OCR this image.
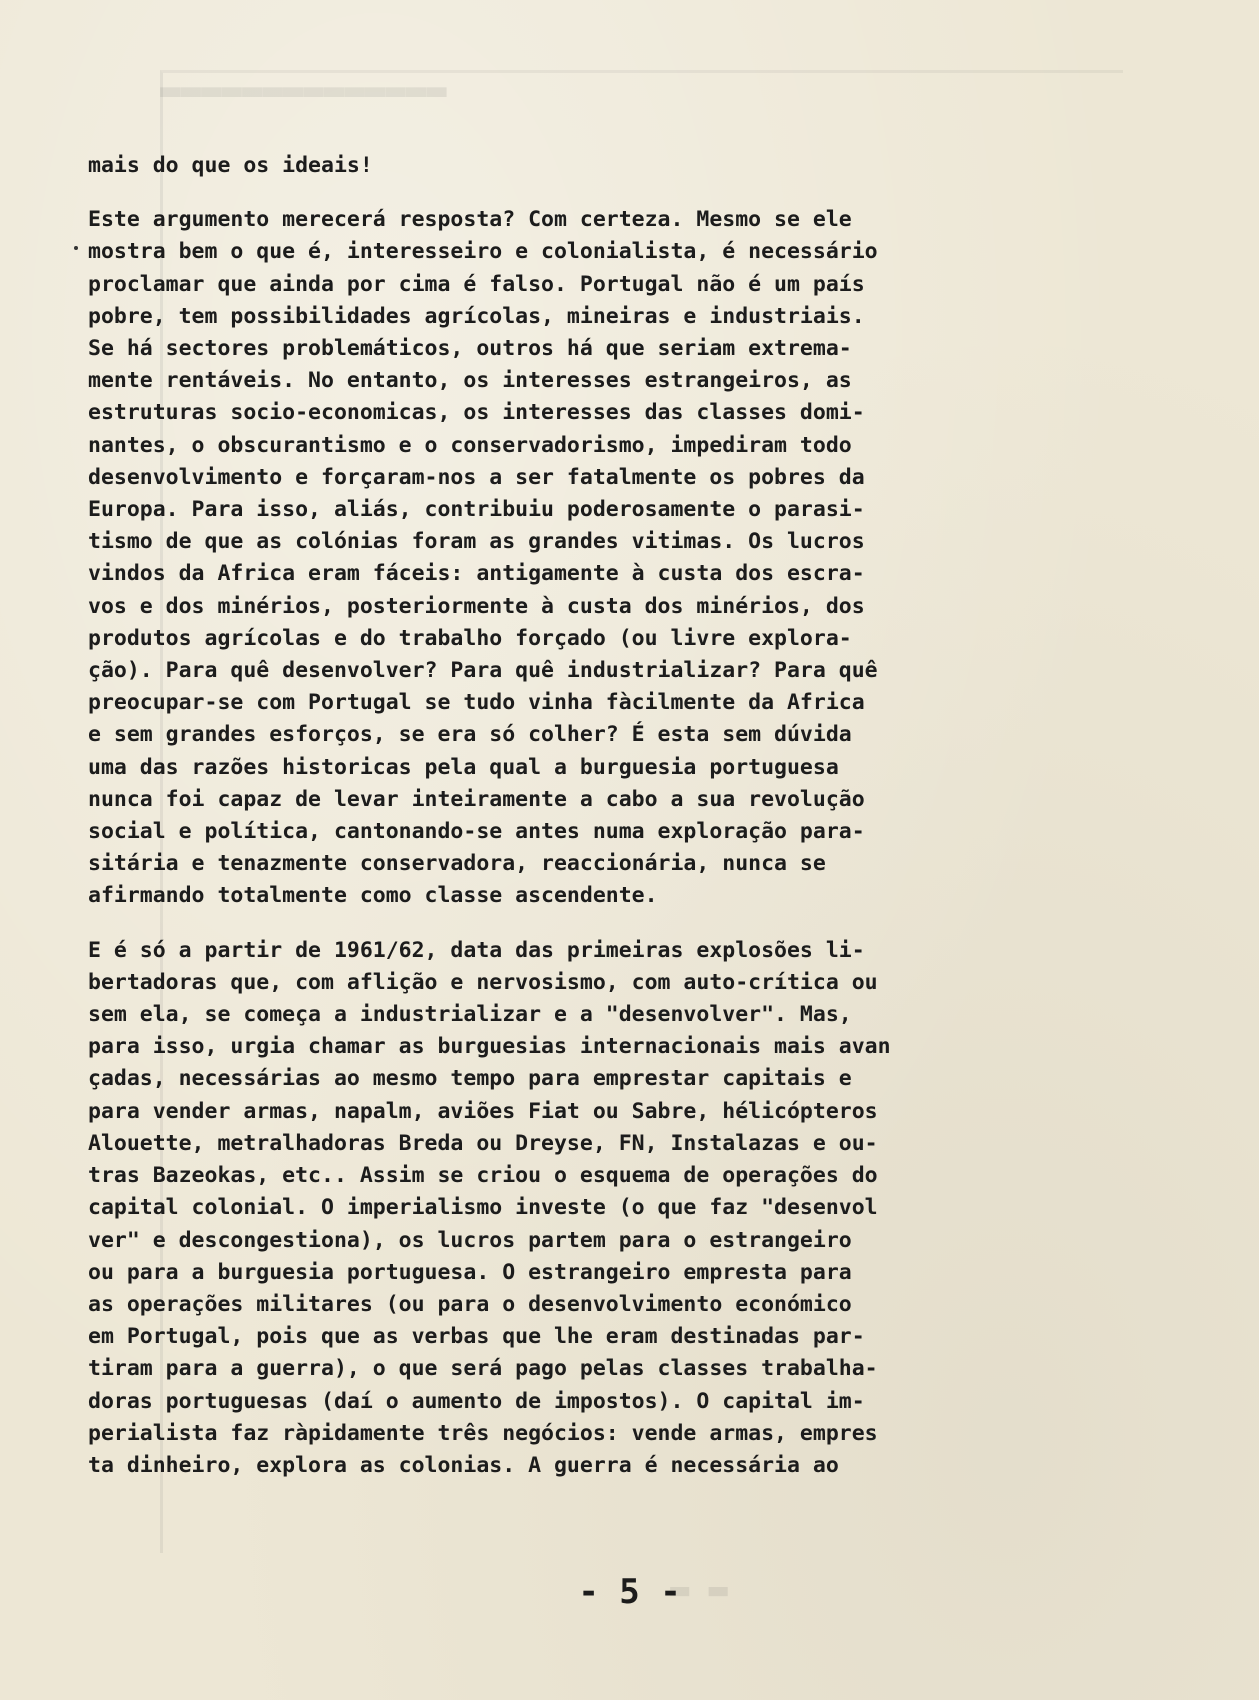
▬▬▬▬▬▬▬▬▬▬▬▬▬▬
▬ ▬
mais do que os ideais!
Este argumento merecerá resposta? Com certeza. Mesmo se ele
mostra bem o que é, interesseiro e colonialista, é necessário
proclamar que ainda por cima é falso. Portugal não é um país
pobre, tem possibilidades agrícolas, mineiras e industriais.
Se há sectores problemáticos, outros há que seriam extrema-
mente rentáveis. No entanto, os interesses estrangeiros, as
estruturas socio-economicas, os interesses das classes domi-
nantes, o obscurantismo e o conservadorismo, impediram todo
desenvolvimento e forçaram-nos a ser fatalmente os pobres da
Europa. Para isso, aliás, contribuiu poderosamente o parasi-
tismo de que as colónias foram as grandes vitimas. Os lucros
vindos da Africa eram fáceis: antigamente à custa dos escra-
vos e dos minérios, posteriormente à custa dos minérios, dos
produtos agrícolas e do trabalho forçado (ou livre explora-
ção). Para quê desenvolver? Para quê industrializar? Para quê
preocupar-se com Portugal se tudo vinha fàcilmente da Africa
e sem grandes esforços, se era só colher? É esta sem dúvida
uma das razões historicas pela qual a burguesia portuguesa
nunca foi capaz de levar inteiramente a cabo a sua revolução
social e política, cantonando-se antes numa exploração para-
sitária e tenazmente conservadora, reaccionária, nunca se
afirmando totalmente como classe ascendente.
E é só a partir de 1961/62, data das primeiras explosões li-
bertadoras que, com aflição e nervosismo, com auto-crítica ou
sem ela, se começa a industrializar e a "desenvolver". Mas,
para isso, urgia chamar as burguesias internacionais mais avan
çadas, necessárias ao mesmo tempo para emprestar capitais e
para vender armas, napalm, aviões Fiat ou Sabre, hélicópteros
Alouette, metralhadoras Breda ou Dreyse, FN, Instalazas e ou-
tras Bazeokas, etc.. Assim se criou o esquema de operações do
capital colonial. O imperialismo investe (o que faz "desenvol
ver" e descongestiona), os lucros partem para o estrangeiro
ou para a burguesia portuguesa. O estrangeiro empresta para
as operações militares (ou para o desenvolvimento económico
em Portugal, pois que as verbas que lhe eram destinadas par-
tiram para a guerra), o que será pago pelas classes trabalha-
doras portuguesas (daí o aumento de impostos). O capital im-
perialista faz ràpidamente três negócios: vende armas, empres
ta dinheiro, explora as colonias. A guerra é necessária ao
- 5 -
